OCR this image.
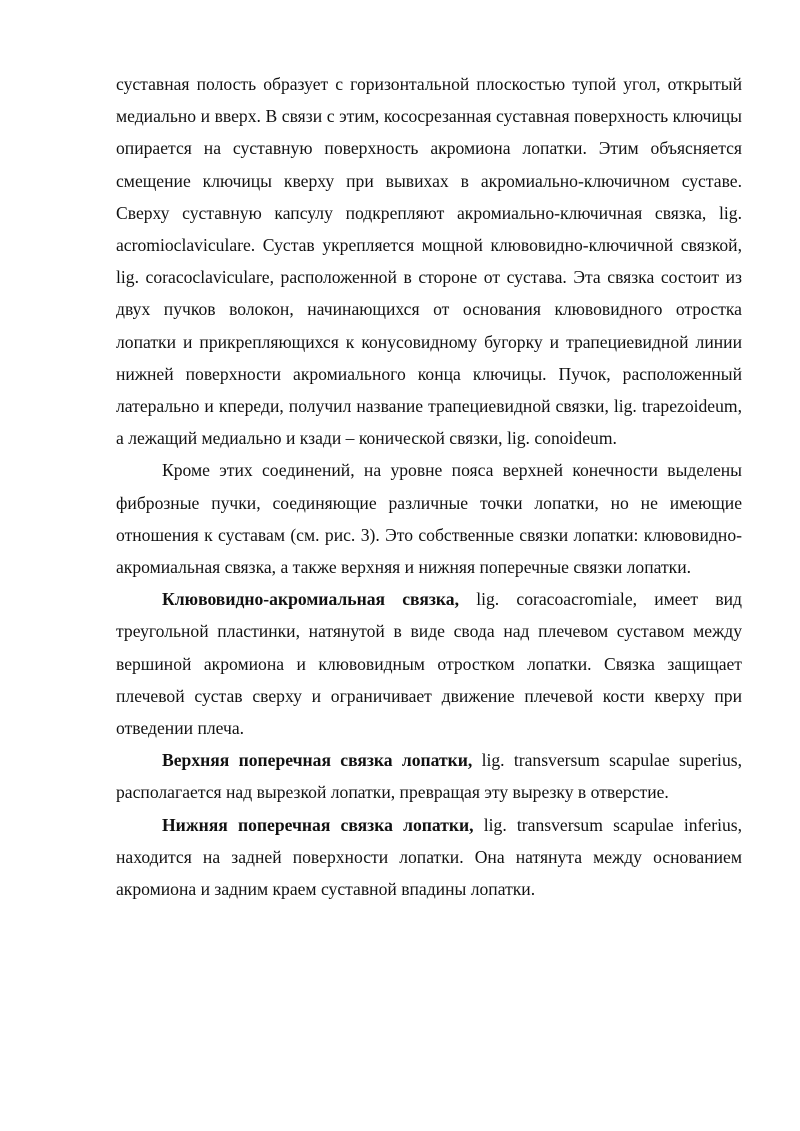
суставная полость образует с горизонтальной плоскостью тупой угол, открытый медиально и вверх. В связи с этим, косоcрезанная суставная поверхность ключицы опирается на суставную поверхность акромиона лопатки. Этим объясняется смещение ключицы кверху при вывихах в акромиально-ключичном суставе. Сверху суставную капсулу подкрепляют акромиально-ключичная связка, lig. acromioclaviculare. Сустав укрепляется мощной клювовидно-ключичной связкой, lig. coracoclaviculare, расположенной в стороне от сустава. Эта связка состоит из двух пучков волокон, начинающихся от основания клювовидного отростка лопатки и прикрепляющихся к конусовидному бугорку и трапециевидной линии нижней поверхности акромиального конца ключицы. Пучок, расположенный латерально и кпереди, получил название трапециевидной связки, lig. trapezoideum, а лежащий медиально и кзади – конической связки, lig. conoideum.

Кроме этих соединений, на уровне пояса верхней конечности выделены фиброзные пучки, соединяющие различные точки лопатки, но не имеющие отношения к суставам (см. рис. 3). Это собственные связки лопатки: клювовидно-акромиальная связка, а также верхняя и нижняя поперечные связки лопатки.

Клювовидно-акромиальная связка, lig. coracoacromiale, имеет вид треугольной пластинки, натянутой в виде свода над плечевом суставом между вершиной акромиона и клювовидным отростком лопатки. Связка защищает плечевой сустав сверху и ограничивает движение плечевой кости кверху при отведении плеча.

Верхняя поперечная связка лопатки, lig. transversum scapulae superius, располагается над вырезкой лопатки, превращая эту вырезку в отверстие.

Нижняя поперечная связка лопатки, lig. transversum scapulae inferius, находится на задней поверхности лопатки. Она натянута между основанием акромиона и задним краем суставной впадины лопатки.
